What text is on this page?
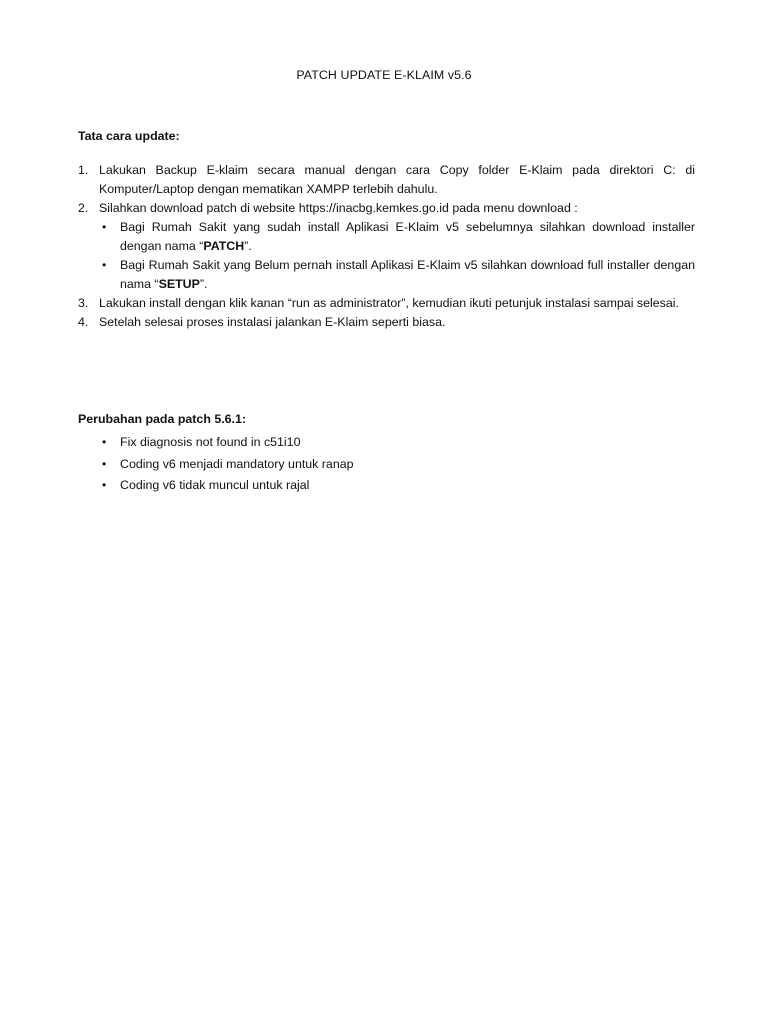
PATCH UPDATE E-KLAIM v5.6
Tata cara update:
1. Lakukan Backup E-klaim secara manual dengan cara Copy folder E-Klaim pada direktori C: di Komputer/Laptop dengan mematikan XAMPP terlebih dahulu.
2. Silahkan download patch di website https://inacbg.kemkes.go.id pada menu download :
• Bagi Rumah Sakit yang sudah install Aplikasi E-Klaim v5 sebelumnya silahkan download installer dengan nama “PATCH”.
• Bagi Rumah Sakit yang Belum pernah install Aplikasi E-Klaim v5 silahkan download full installer dengan nama “SETUP”.
3. Lakukan install dengan klik kanan “run as administrator”, kemudian ikuti petunjuk instalasi sampai selesai.
4. Setelah selesai proses instalasi jalankan E-Klaim seperti biasa.
Perubahan pada patch 5.6.1:
• Fix diagnosis not found in c51i10
• Coding v6 menjadi mandatory untuk ranap
• Coding v6 tidak muncul untuk rajal
